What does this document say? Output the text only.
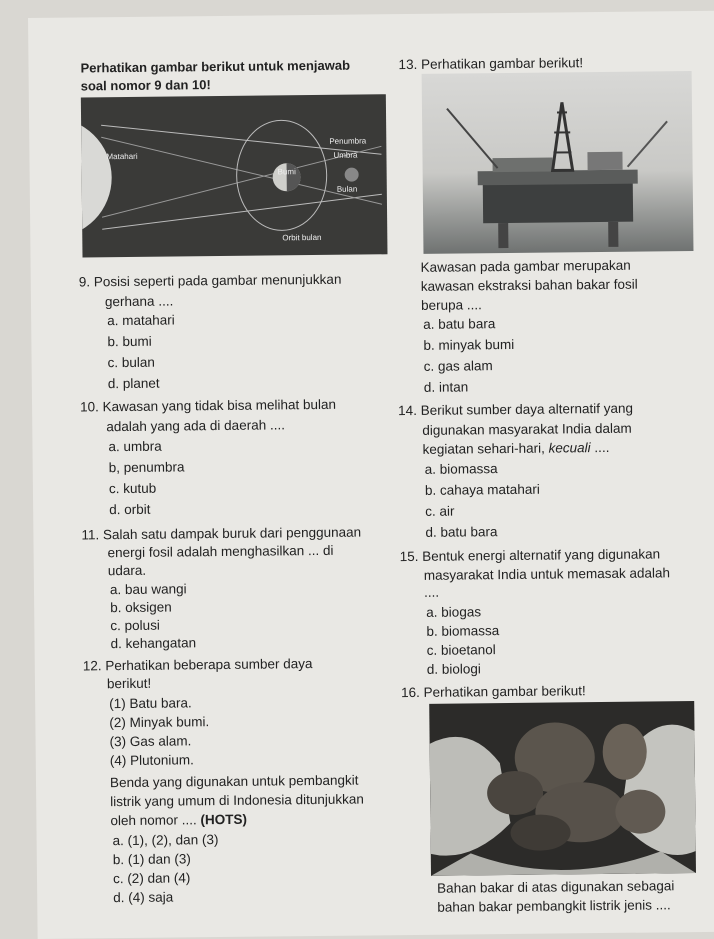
Perhatikan gambar berikut untuk menjawab
soal nomor 9 dan 10!
Matahari
Penumbra
Umbra
Bumi
Bulan
Orbit bulan
9. Posisi seperti pada gambar menunjukkan
gerhana ....
a. matahari
b. bumi
c. bulan
d. planet
10. Kawasan yang tidak bisa melihat bulan
adalah yang ada di daerah ....
a. umbra
b, penumbra
c. kutub
d. orbit
11. Salah satu dampak buruk dari penggunaan
energi fosil adalah menghasilkan ... di
udara.
a. bau wangi
b. oksigen
c. polusi
d. kehangatan
12. Perhatikan beberapa sumber daya
berikut!
(1) Batu bara.
(2) Minyak bumi.
(3) Gas alam.
(4) Plutonium.
Benda yang digunakan untuk pembangkit
listrik yang umum di Indonesia ditunjukkan
oleh nomor .... (HOTS)
a. (1), (2), dan (3)
b. (1) dan (3)
c. (2) dan (4)
d. (4) saja
13. Perhatikan gambar berikut!
Kawasan pada gambar merupakan
kawasan ekstraksi bahan bakar fosil
berupa ....
a. batu bara
b. minyak bumi
c. gas alam
d. intan
14. Berikut sumber daya alternatif yang
digunakan masyarakat India dalam
kegiatan sehari-hari, kecuali ....
a. biomassa
b. cahaya matahari
c. air
d. batu bara
15. Bentuk energi alternatif yang digunakan
masyarakat India untuk memasak adalah
....
a. biogas
b. biomassa
c. bioetanol
d. biologi
16. Perhatikan gambar berikut!
Bahan bakar di atas digunakan sebagai
bahan bakar pembangkit listrik jenis ....
